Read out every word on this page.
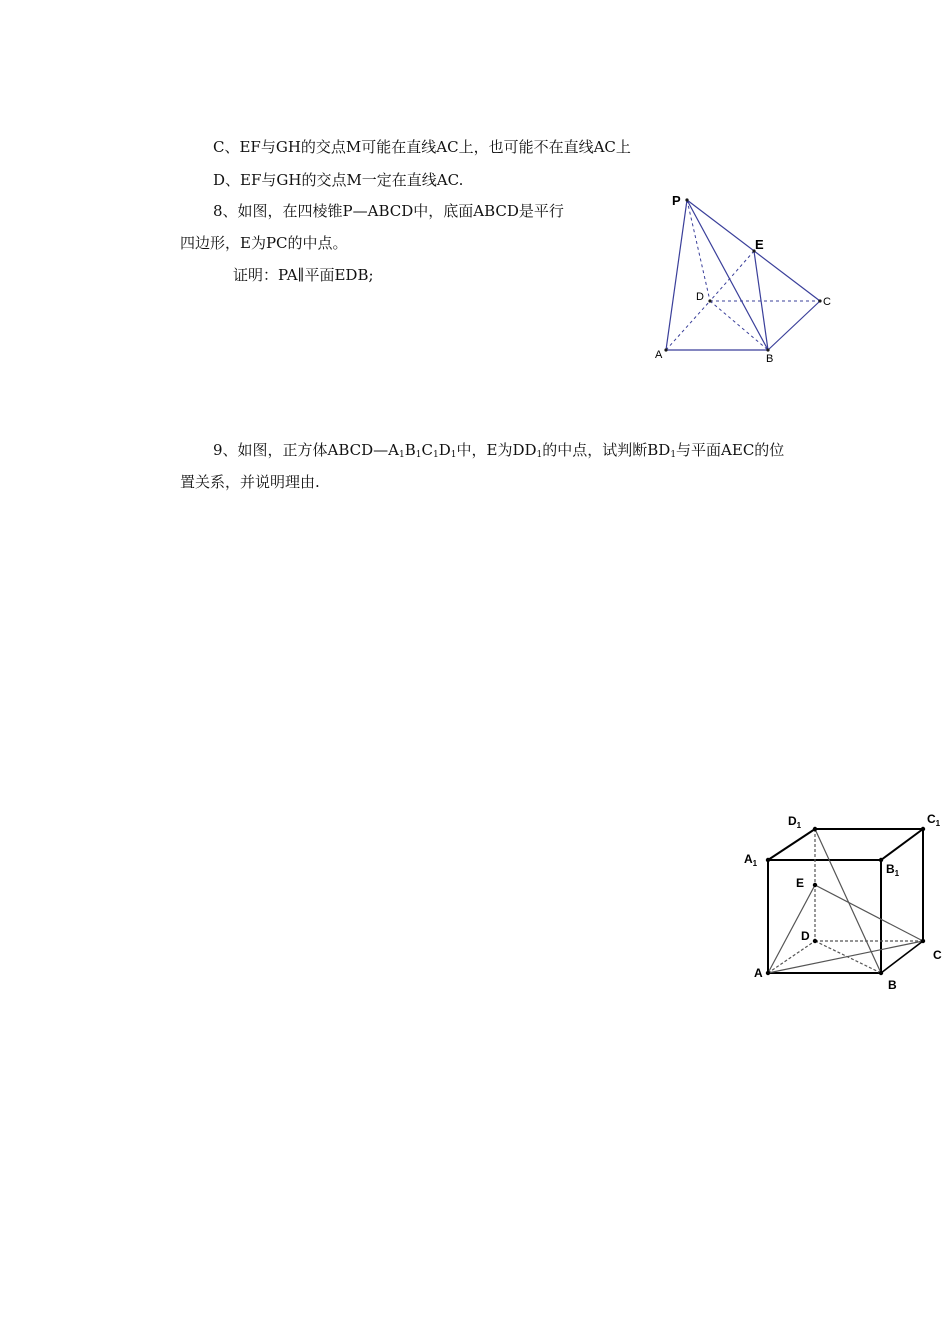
C、EF与GH的交点M可能在直线AC上，也可能不在直线AC上
D、EF与GH的交点M一定在直线AC.
8、如图，在四棱锥P—ABCD中，底面ABCD是平行
四边形，E为PC的中点。
证明：PA∥平面EDB;
P
E
D	C
A	B
9、如图，正方体$ABCD—A_1B_1C_1D_1$中，E为$DD_1$的中点，试判断$BD_1$与平面AEC的位
置关系，并说明理由.
$D_1$	$C_1$
$A_1$	$B_1$
E
D
A
C
B
